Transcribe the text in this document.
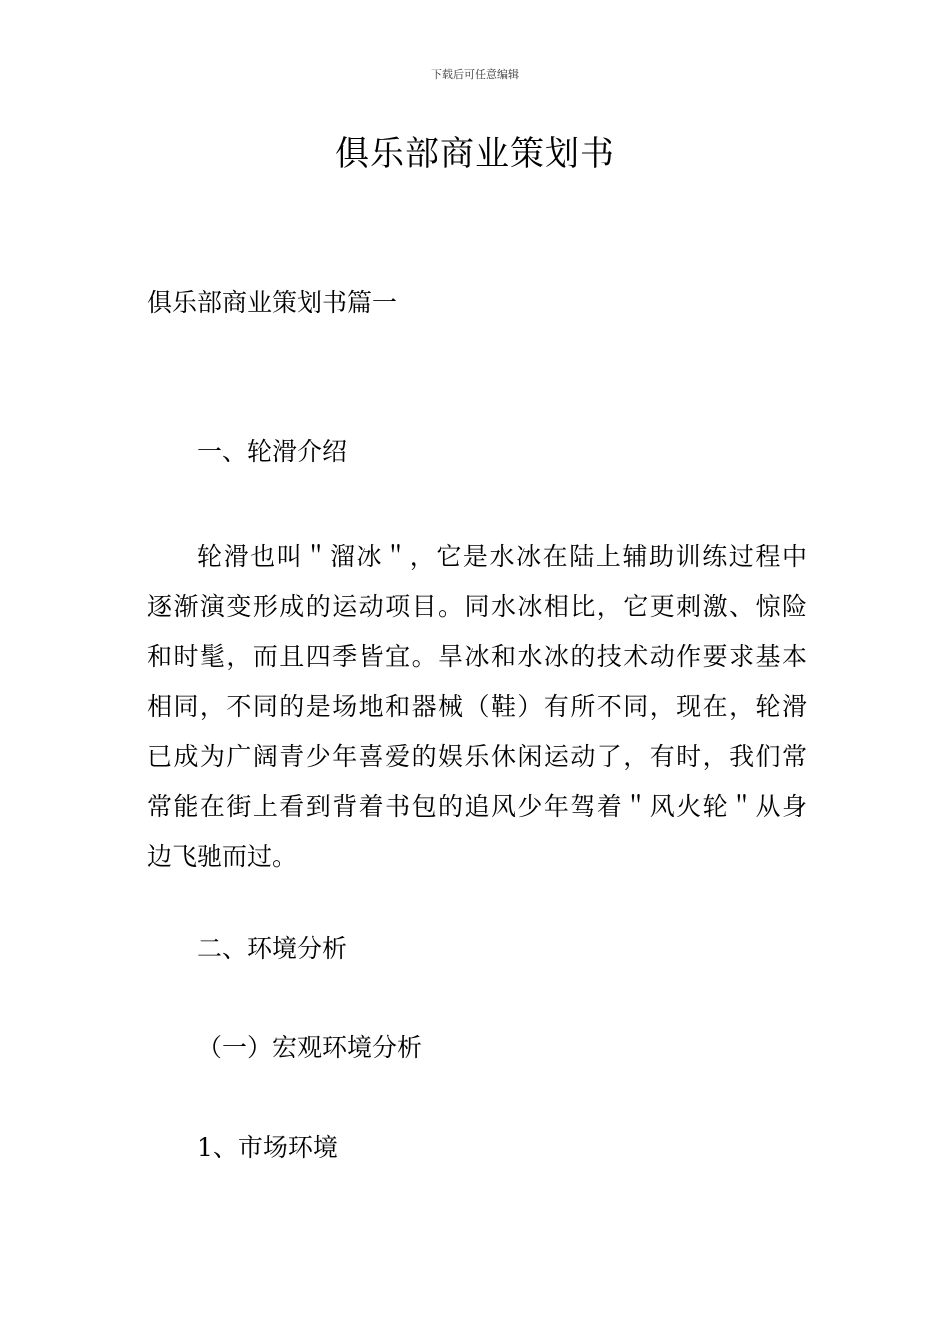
下载后可任意编辑
俱乐部商业策划书

俱乐部商业策划书篇一

一、轮滑介绍

轮滑也叫＂溜冰＂，它是水冰在陆上辅助训练过程中
逐渐演变形成的运动项目。同水冰相比，它更刺激、惊险
和时髦，而且四季皆宜。旱冰和水冰的技术动作要求基本
相同，不同的是场地和器械（鞋）有所不同，现在，轮滑
已成为广阔青少年喜爱的娱乐休闲运动了，有时，我们常
常能在街上看到背着书包的追风少年驾着＂风火轮＂从身
边飞驰而过。

二、环境分析

（一）宏观环境分析

1、市场环境
